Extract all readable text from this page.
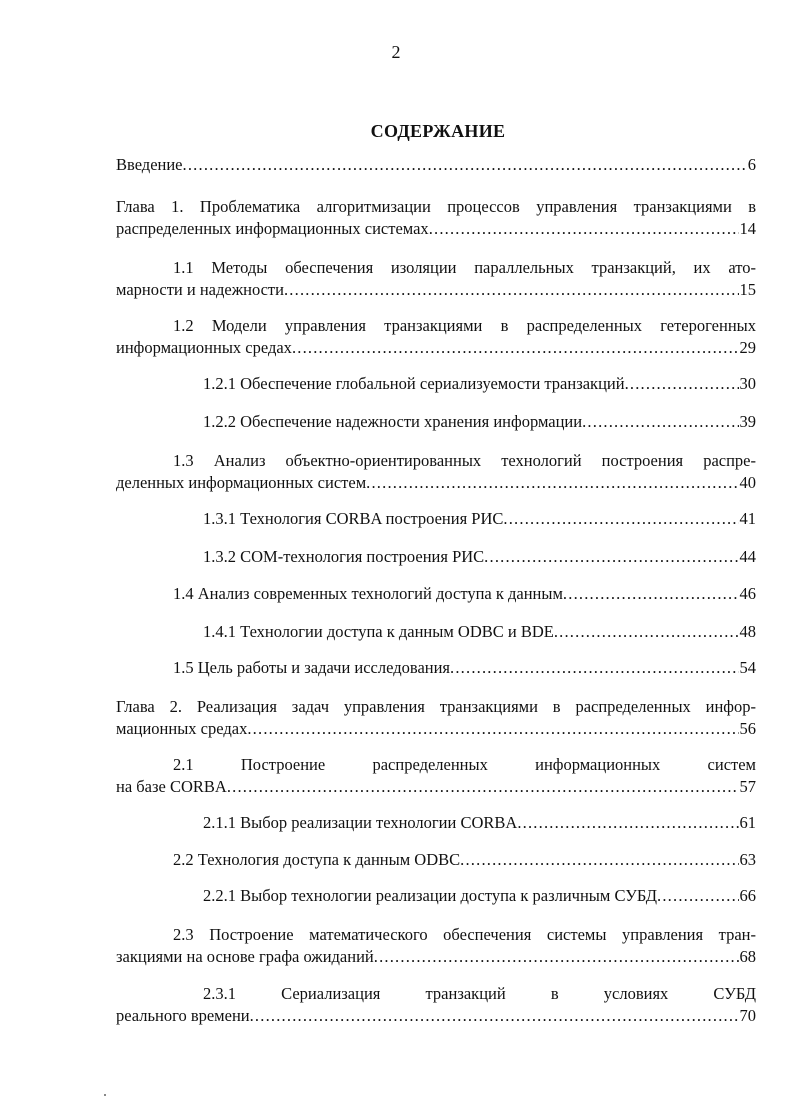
2
СОДЕРЖАНИЕ
Введение .....	6
Глава 1. Проблематика алгоритмизации процессов управления транзакциями в
распределенных информационных системах .....	14
1.1 Методы обеспечения изоляции параллельных транзакций, их ато-
марности и надежности .....	15
1.2 Модели управления транзакциями в распределенных гетерогенных
информационных средах .....	29
1.2.1 Обеспечение глобальной сериализуемости транзакций .....	30
1.2.2 Обеспечение надежности хранения информации .....	39
1.3 Анализ объектно-ориентированных технологий построения распре-
деленных информационных систем .....	40
1.3.1 Технология CORBA построения РИС .....	41
1.3.2 COM-технология построения РИС .....	44
1.4 Анализ современных технологий доступа к данным .....	46
1.4.1 Технологии доступа к данным ODBC и BDE .....	48
1.5 Цель работы и задачи исследования .....	54
Глава 2. Реализация задач управления транзакциями в распределенных инфор-
мационных средах .....	56
2.1 Построение распределенных информационных систем
на базе CORBA .....	57
2.1.1 Выбор реализации технологии CORBA .....	61
2.2 Технология доступа к данным ODBC .....	63
2.2.1 Выбор технологии реализации доступа к различным СУБД .....	66
2.3 Построение математического обеспечения системы управления тран-
закциями на основе графа ожиданий .....	68
2.3.1 Сериализация транзакций в условиях СУБД
реального времени .....	70
